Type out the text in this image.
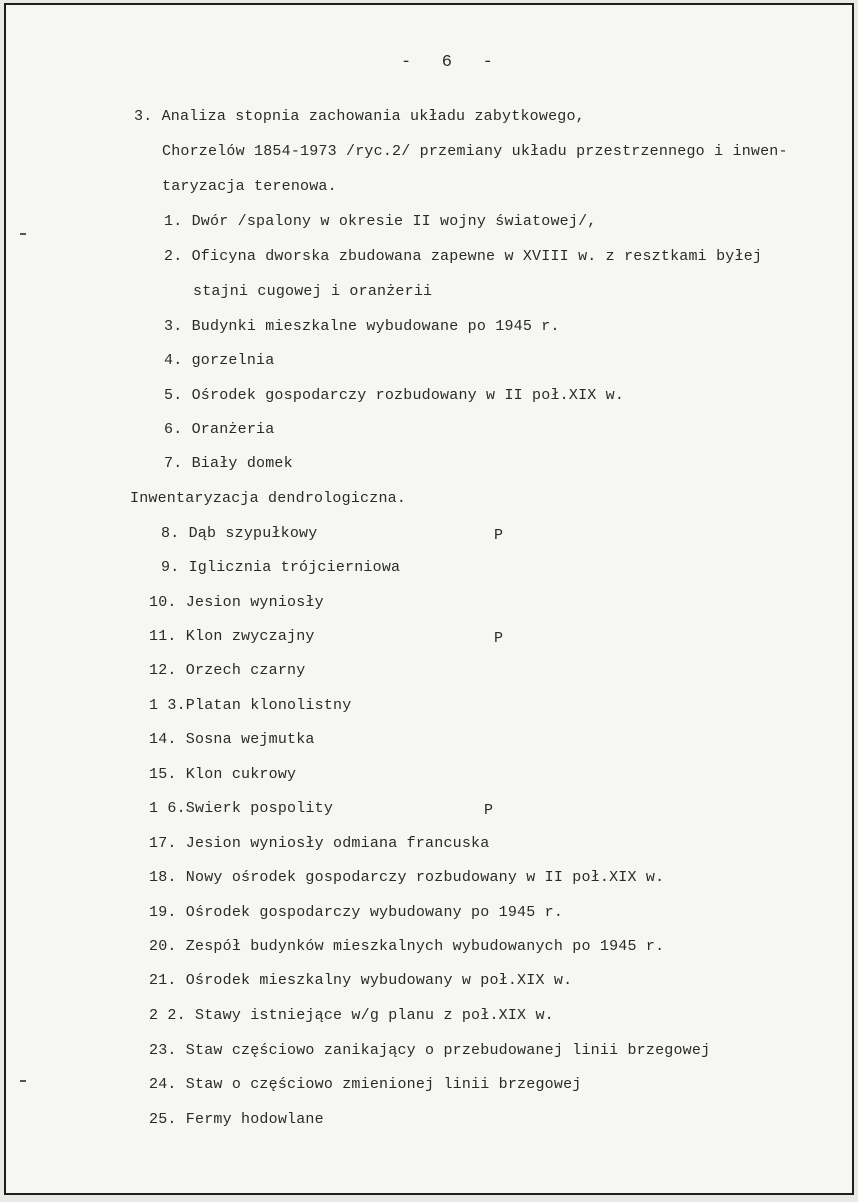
- 6 -
3. Analiza stopnia zachowania układu zabytkowego,
Chorzelów 1854-1973 /ryc.2/ przemiany układu przestrzennego i inwen-
taryzacja terenowa.
1. Dwór /spalony w okresie II wojny światowej/,
2. Oficyna dworska zbudowana zapewne w XVIII w. z resztkami byłej
stajni cugowej i oranżerii
3. Budynki mieszkalne wybudowane po 1945 r.
4. gorzelnia
5. Ośrodek gospodarczy rozbudowany w II poł.XIX w.
6. Oranżeria
7. Biały domek
Inwentaryzacja dendrologiczna.
8. Dąb szypułkowy	P
9. Iglicznia trójcierniowa
10. Jesion wyniosły
11. Klon zwyczajny	P
12. Orzech czarny
1 3.Platan klonolistny
14. Sosna wejmutka
15. Klon cukrowy
1 6.Swierk pospolity	P
17. Jesion wyniosły odmiana francuska
18. Nowy ośrodek gospodarczy rozbudowany w II poł.XIX w.
19. Ośrodek gospodarczy wybudowany po 1945 r.
20. Zespół budynków mieszkalnych wybudowanych po 1945 r.
21. Ośrodek mieszkalny wybudowany w poł.XIX w.
2 2. Stawy istniejące w/g planu z poł.XIX w.
23. Staw częściowo zanikający o przebudowanej linii brzegowej
24. Staw o częściowo zmienionej linii brzegowej
25. Fermy hodowlane
